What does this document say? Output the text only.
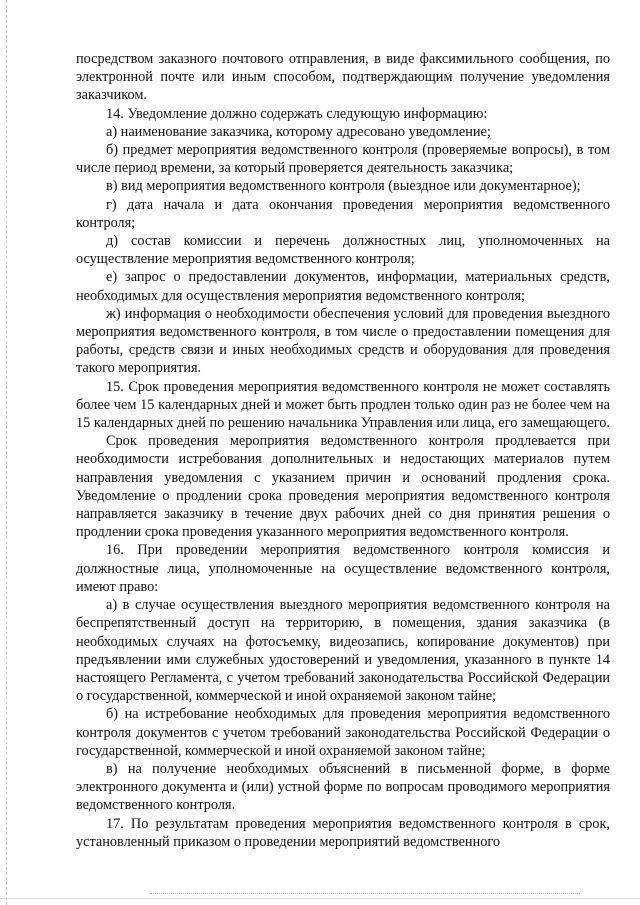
посредством заказного почтового отправления, в виде факсимильного сообщения, по электронной почте или иным способом, подтверждающим получение уведомления заказчиком.

14. Уведомление должно содержать следующую информацию:

а) наименование заказчика, которому адресовано уведомление;

б) предмет мероприятия ведомственного контроля (проверяемые вопросы), в том числе период времени, за который проверяется деятельность заказчика;

в) вид мероприятия ведомственного контроля (выездное или документарное);

г) дата начала и дата окончания проведения мероприятия ведомственного контроля;

д) состав комиссии и перечень должностных лиц, уполномоченных на осуществление мероприятия ведомственного контроля;

е) запрос о предоставлении документов, информации, материальных средств, необходимых для осуществления мероприятия ведомственного контроля;

ж) информация о необходимости обеспечения условий для проведения выездного мероприятия ведомственного контроля, в том числе о предоставлении помещения для работы, средств связи и иных необходимых средств и оборудования для проведения такого мероприятия.

15. Срок проведения мероприятия ведомственного контроля не может составлять более чем 15 календарных дней и может быть продлен только один раз не более чем на 15 календарных дней по решению начальника Управления или лица, его замещающего.

Срок проведения мероприятия ведомственного контроля продлевается при необходимости истребования дополнительных и недостающих материалов путем направления уведомления с указанием причин и оснований продления срока. Уведомление о продлении срока проведения мероприятия ведомственного контроля направляется заказчику в течение двух рабочих дней со дня принятия решения о продлении срока проведения указанного мероприятия ведомственного контроля.

16. При проведении мероприятия ведомственного контроля комиссия и должностные лица, уполномоченные на осуществление ведомственного контроля, имеют право:

а) в случае осуществления выездного мероприятия ведомственного контроля на беспрепятственный доступ на территорию, в помещения, здания заказчика (в необходимых случаях на фотосъемку, видеозапись, копирование документов) при предъявлении ими служебных удостоверений и уведомления, указанного в пункте 14 настоящего Регламента, с учетом требований законодательства Российской Федерации о государственной, коммерческой и иной охраняемой законом тайне;

б) на истребование необходимых для проведения мероприятия ведомственного контроля документов с учетом требований законодательства Российской Федерации о государственной, коммерческой и иной охраняемой законом тайне;

в) на получение необходимых объяснений в письменной форме, в форме электронного документа и (или) устной форме по вопросам проводимого мероприятия ведомственного контроля.

17. По результатам проведения мероприятия ведомственного контроля в срок, установленный приказом о проведении мероприятий ведомственного
